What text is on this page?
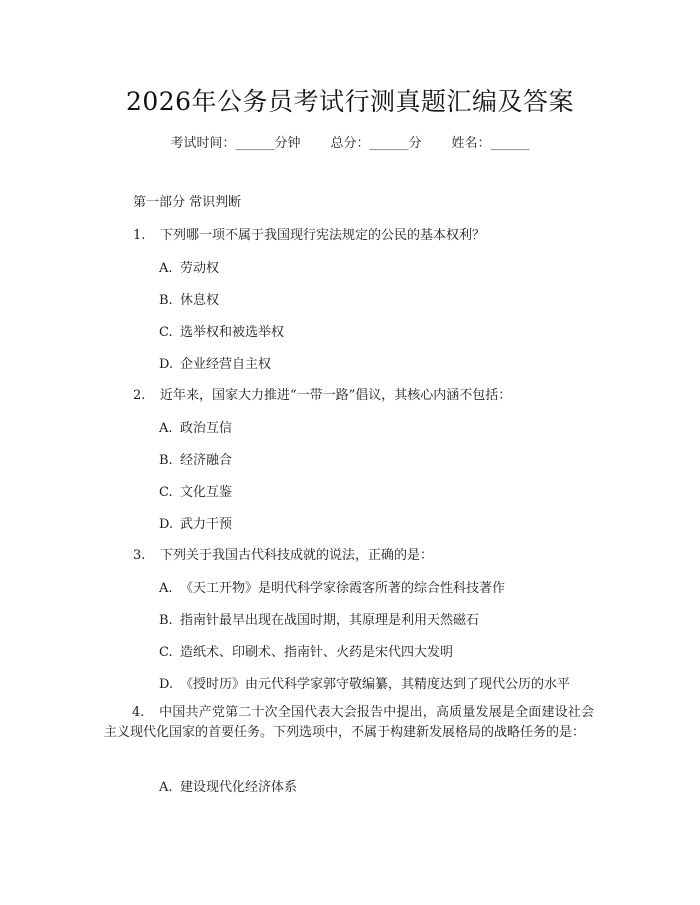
2026年公务员考试行测真题汇编及答案
考试时间：______分钟 总分：______分 姓名：______
第一部分 常识判断
1. 下列哪一项不属于我国现行宪法规定的公民的基本权利？
A. 劳动权
B. 休息权
C. 选举权和被选举权
D. 企业经营自主权
2. 近年来，国家大力推进“一带一路”倡议，其核心内涵不包括：
A. 政治互信
B. 经济融合
C. 文化互鉴
D. 武力干预
3. 下列关于我国古代科技成就的说法，正确的是：
A. 《天工开物》是明代科学家徐霞客所著的综合性科技著作
B. 指南针最早出现在战国时期，其原理是利用天然磁石
C. 造纸术、印刷术、指南针、火药是宋代四大发明
D. 《授时历》由元代科学家郭守敬编纂，其精度达到了现代公历的水平
4. 中国共产党第二十次全国代表大会报告中提出，高质量发展是全面建设社会主义现代化国家的首要任务。下列选项中，不属于构建新发展格局的战略任务的是：
A. 建设现代化经济体系
